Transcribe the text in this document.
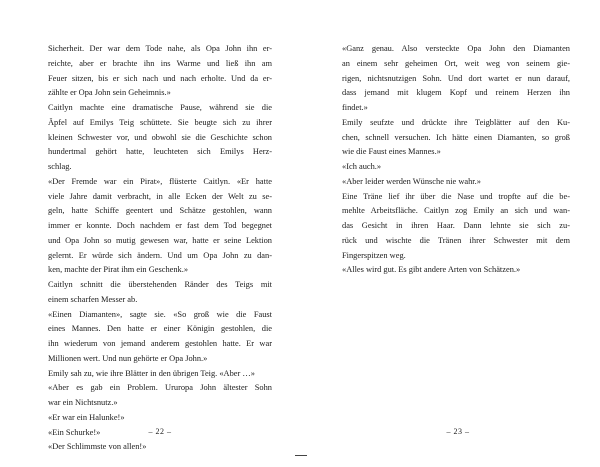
Sicherheit. Der war dem Tode nahe, als Opa John ihn er-
reichte, aber er brachte ihn ins Warme und ließ ihn am
Feuer sitzen, bis er sich nach und nach erholte. Und da er-
zählte er Opa John sein Geheimnis.»
Caitlyn machte eine dramatische Pause, während sie die
Äpfel auf Emilys Teig schüttete. Sie beugte sich zu ihrer
kleinen Schwester vor, und obwohl sie die Geschichte schon
hundertmal gehört hatte, leuchteten sich Emilys Herz-
schlag.
«Der Fremde war ein Pirat», flüsterte Caitlyn. «Er hatte
viele Jahre damit verbracht, in alle Ecken der Welt zu se-
geln, hatte Schiffe geentert und Schätze gestohlen, wann
immer er konnte. Doch nachdem er fast dem Tod begegnet
und Opa John so mutig gewesen war, hatte er seine Lektion
gelernt. Er würde sich ändern. Und um Opa John zu dan-
ken, machte der Pirat ihm ein Geschenk.»
Caitlyn schnitt die überstehenden Ränder des Teigs mit
einem scharfen Messer ab.
«Einen Diamanten», sagte sie. «So groß wie die Faust
eines Mannes. Den hatte er einer Königin gestohlen, die
ihn wiederum von jemand anderem gestohlen hatte. Er war
Millionen wert. Und nun gehörte er Opa John.»
Emily sah zu, wie ihre Blätter in den übrigen Teig. «Aber …»
«Aber es gab ein Problem. Ururopa John ältester Sohn
war ein Nichtsnutz.»
«Er war ein Halunke!»
«Ein Schurke!»
«Der Schlimmste von allen!»
– 22 –
«Ganz genau. Also versteckte Opa John den Diamanten
an einem sehr geheimen Ort, weit weg von seinem gie-
rigen, nichtsnutzigen Sohn. Und dort wartet er nun darauf,
dass jemand mit klugem Kopf und reinem Herzen ihn
findet.»
Emily seufzte und drückte ihre Teigblätter auf den Ku-
chen, schnell versuchen. Ich hätte einen Diamanten, so groß
wie die Faust eines Mannes.»
«Ich auch.»
«Aber leider werden Wünsche nie wahr.»
Eine Träne lief ihr über die Nase und tropfte auf die be-
mehlte Arbeitsfläche. Caitlyn zog Emily an sich und wan-
das Gesicht in ihren Haar. Dann lehnte sie sich zu-
rück und wischte die Tränen ihrer Schwester mit dem
Fingerspitzen weg.
«Alles wird gut. Es gibt andere Arten von Schätzen.»
– 23 –
